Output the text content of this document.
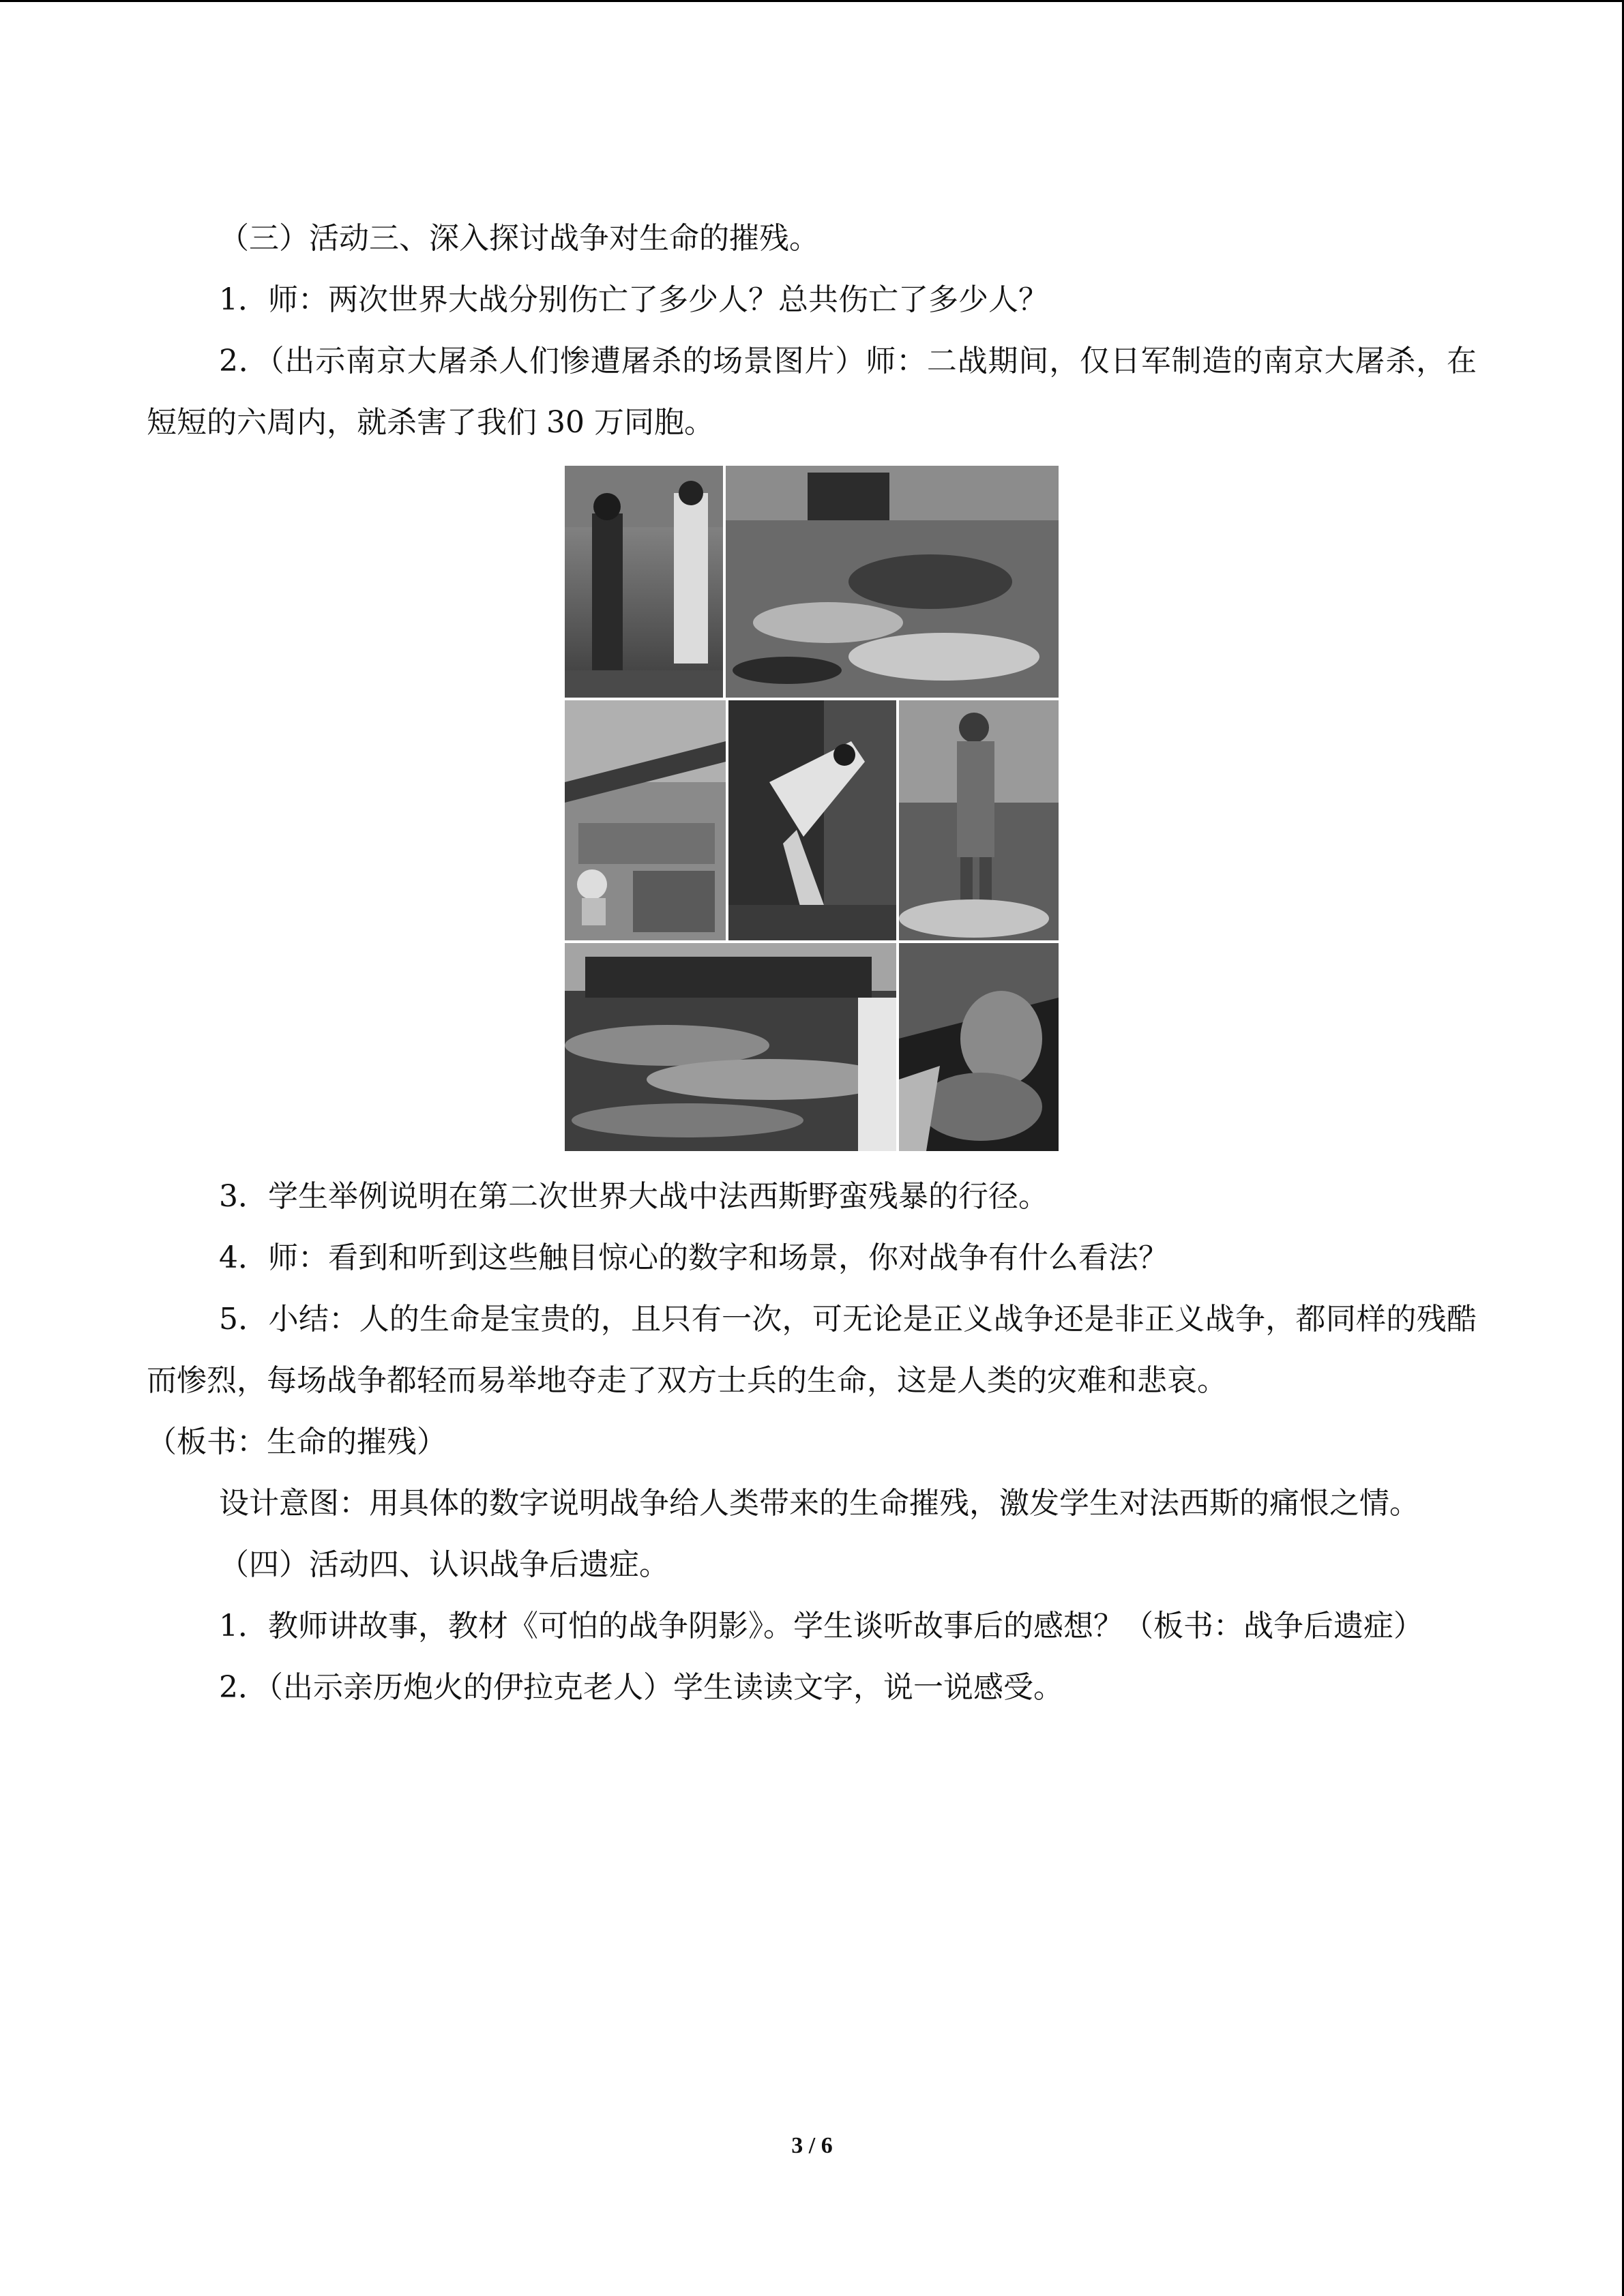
（三）活动三、深入探讨战争对生命的摧残。

1．师：两次世界大战分别伤亡了多少人？总共伤亡了多少人？

2．（出示南京大屠杀人们惨遭屠杀的场景图片）师：二战期间，仅日军制造的南京大屠杀，在短短的六周内，就杀害了我们 30 万同胞。

3．学生举例说明在第二次世界大战中法西斯野蛮残暴的行径。

4．师：看到和听到这些触目惊心的数字和场景，你对战争有什么看法？

5．小结：人的生命是宝贵的，且只有一次，可无论是正义战争还是非正义战争，都同样的残酷而惨烈，每场战争都轻而易举地夺走了双方士兵的生命，这是人类的灾难和悲哀。

（板书：生命的摧残）

设计意图：用具体的数字说明战争给人类带来的生命摧残，激发学生对法西斯的痛恨之情。

（四）活动四、认识战争后遗症。

1．教师讲故事，教材《可怕的战争阴影》。学生谈听故事后的感想？（板书：战争后遗症）

2．（出示亲历炮火的伊拉克老人）学生读读文字，说一说感受。

3 / 6
